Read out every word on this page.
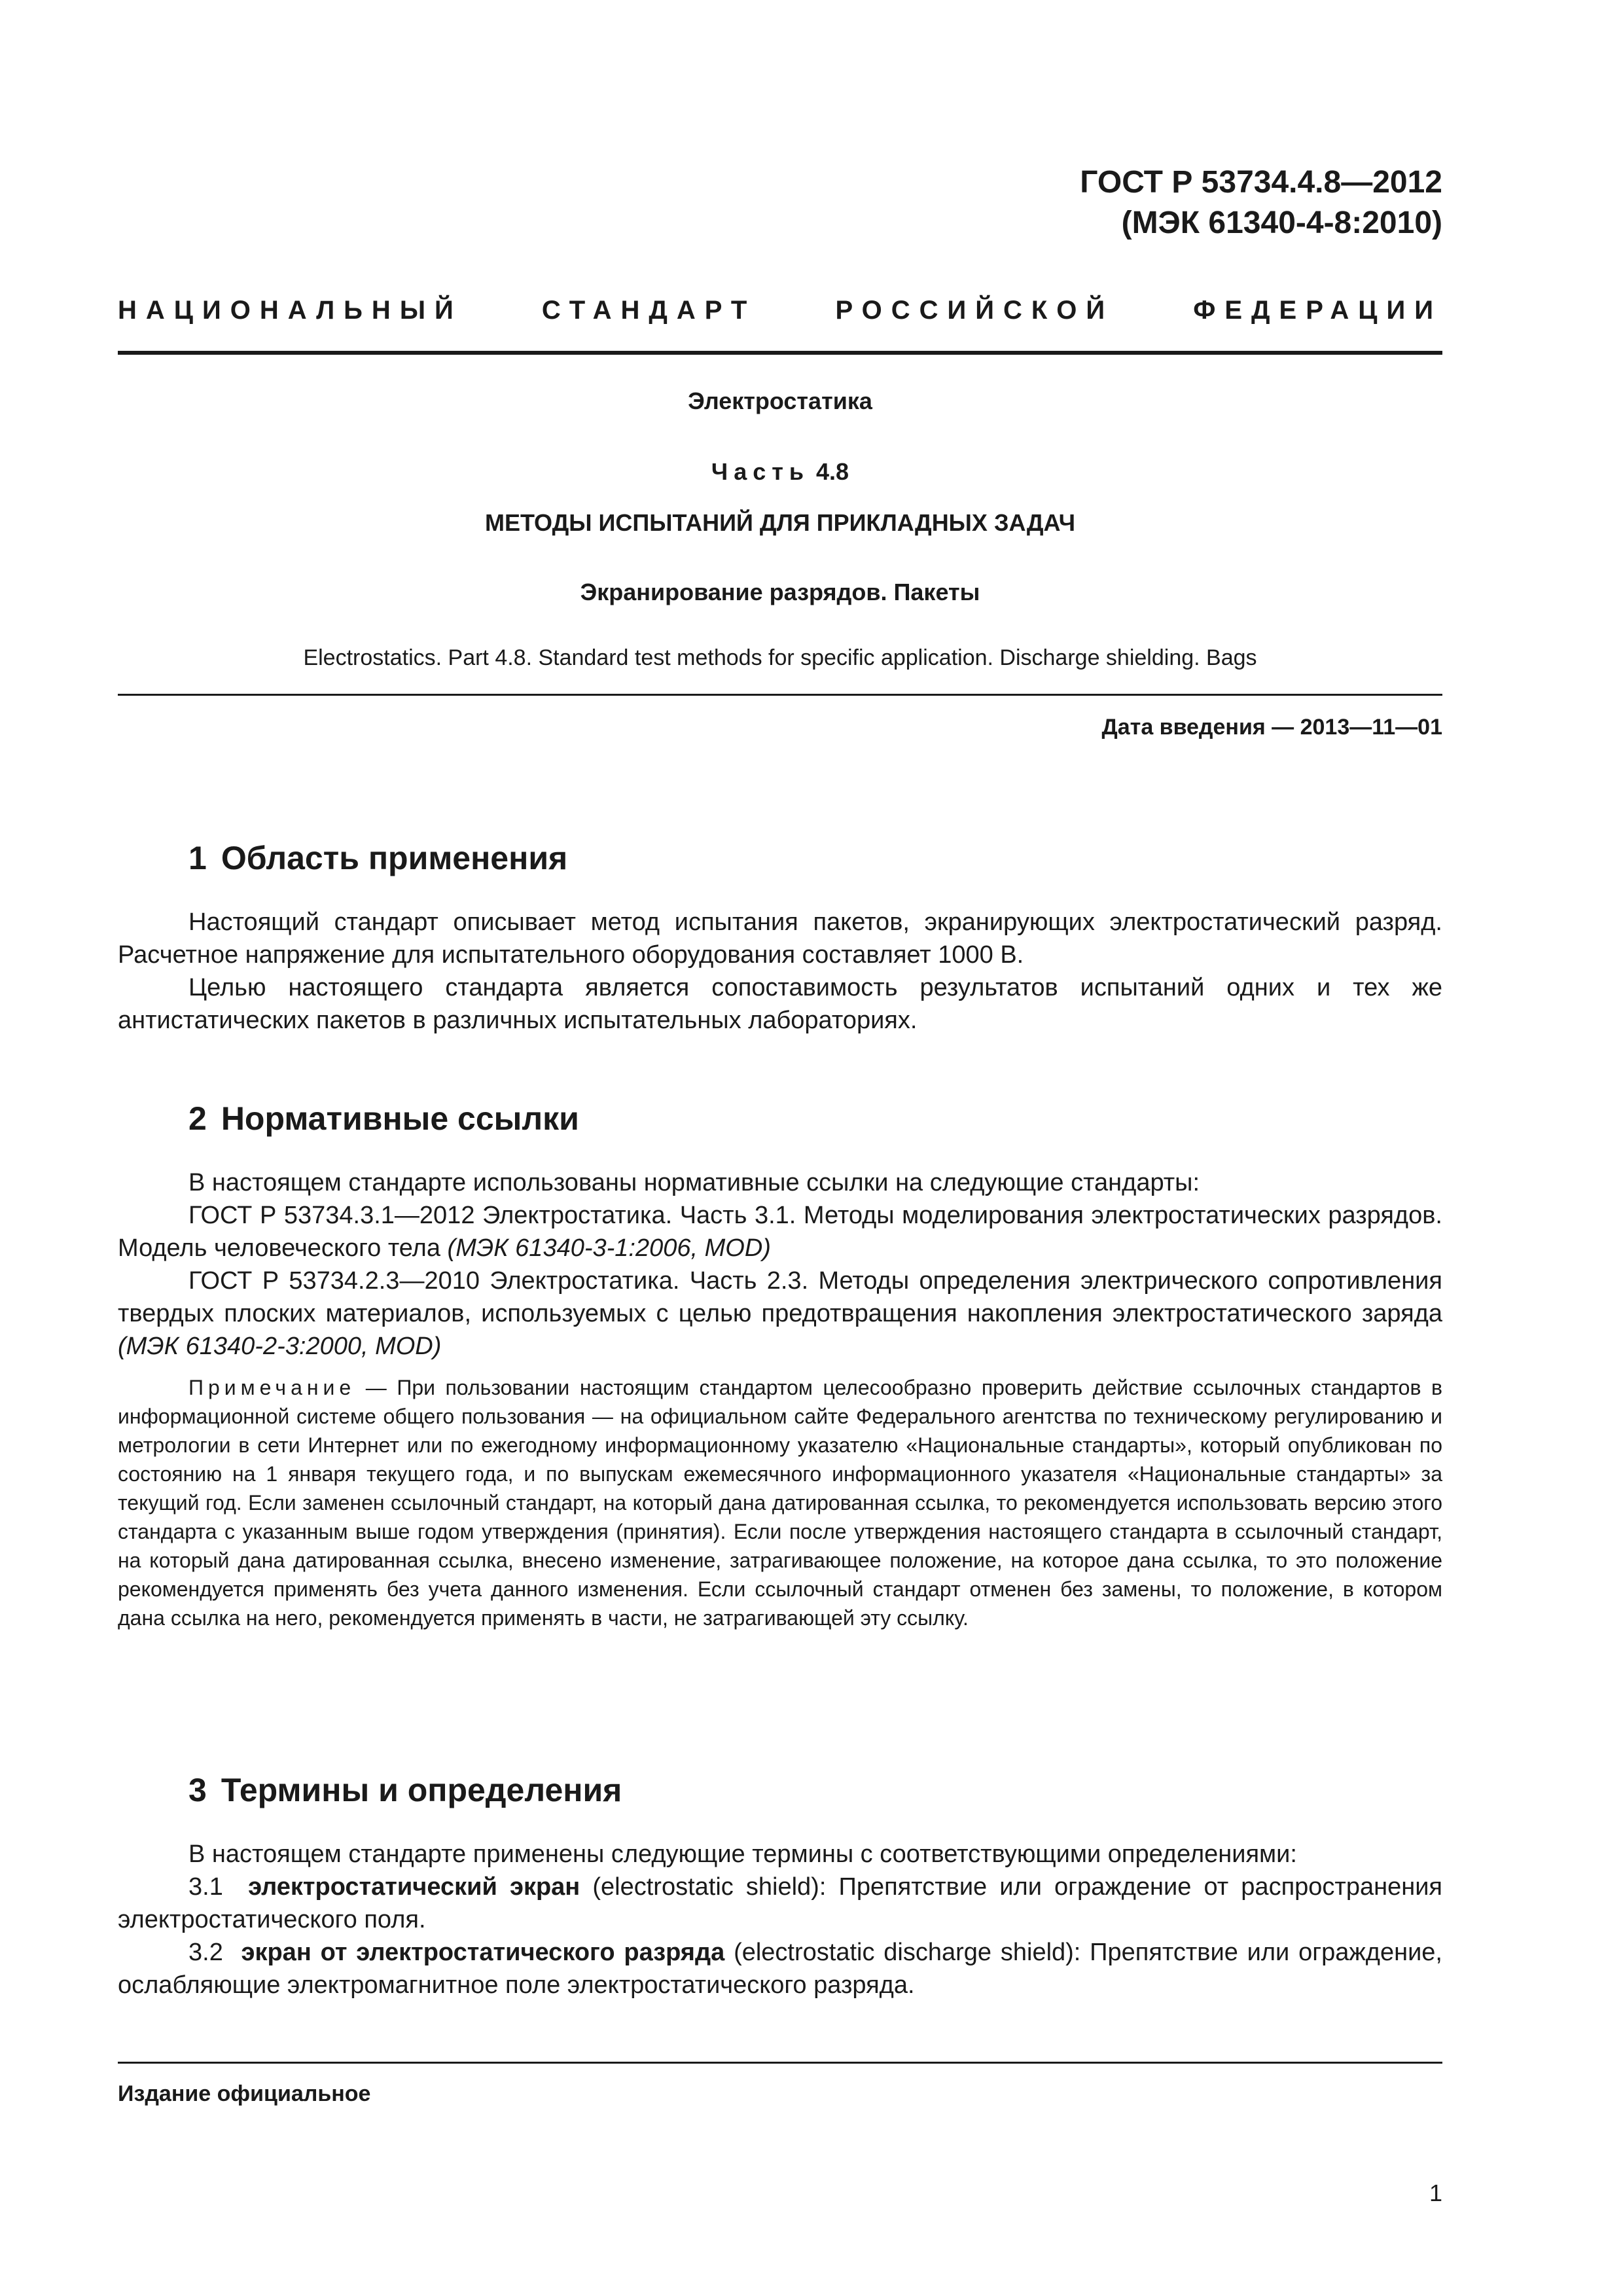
ГОСТ Р 53734.4.8—2012
(МЭК 61340-4-8:2010)
НАЦИОНАЛЬНЫЙ	СТАНДАРТ	РОССИЙСКОЙ	ФЕДЕРАЦИИ
Электростатика
Часть 4.8
МЕТОДЫ ИСПЫТАНИЙ ДЛЯ ПРИКЛАДНЫХ ЗАДАЧ
Экранирование разрядов. Пакеты
Electrostatics. Part 4.8. Standard test methods for specific application. Discharge shielding. Bags
Дата введения — 2013—11—01
1 Область применения
Настоящий стандарт описывает метод испытания пакетов, экранирующих электростатический разряд. Расчетное напряжение для испытательного оборудования составляет 1000 В.
Целью настоящего стандарта является сопоставимость результатов испытаний одних и тех же антистатических пакетов в различных испытательных лабораториях.
2 Нормативные ссылки
В настоящем стандарте использованы нормативные ссылки на следующие стандарты:
ГОСТ Р 53734.3.1—2012 Электростатика. Часть 3.1. Методы моделирования электростатических разрядов. Модель человеческого тела (МЭК 61340-3-1:2006, MOD)
ГОСТ Р 53734.2.3—2010 Электростатика. Часть 2.3. Методы определения электрического сопротивления твердых плоских материалов, используемых с целью предотвращения накопления электростатического заряда (МЭК 61340-2-3:2000, MOD)
Примечание — При пользовании настоящим стандартом целесообразно проверить действие ссылочных стандартов в информационной системе общего пользования — на официальном сайте Федерального агентства по техническому регулированию и метрологии в сети Интернет или по ежегодному информационному указателю «Национальные стандарты», который опубликован по состоянию на 1 января текущего года, и по выпускам ежемесячного информационного указателя «Национальные стандарты» за текущий год. Если заменен ссылочный стандарт, на который дана датированная ссылка, то рекомендуется использовать версию этого стандарта с указанным выше годом утверждения (принятия). Если после утверждения настоящего стандарта в ссылочный стандарт, на который дана датированная ссылка, внесено изменение, затрагивающее положение, на которое дана ссылка, то это положение рекомендуется применять без учета данного изменения. Если ссылочный стандарт отменен без замены, то положение, в котором дана ссылка на него, рекомендуется применять в части, не затрагивающей эту ссылку.
3 Термины и определения
В настоящем стандарте применены следующие термины с соответствующими определениями:
3.1 электростатический экран (electrostatic shield): Препятствие или ограждение от распространения электростатического поля.
3.2 экран от электростатического разряда (electrostatic discharge shield): Препятствие или ограждение, ослабляющие электромагнитное поле электростатического разряда.
Издание официальное
1
